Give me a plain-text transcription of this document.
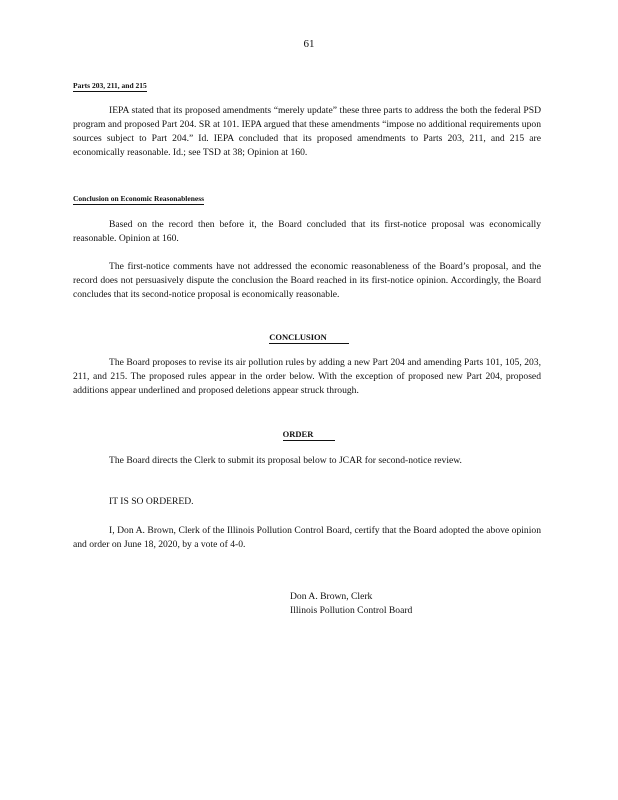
61
Parts 203, 211, and 215

IEPA stated that its proposed amendments “merely update” these three parts to address the both the federal PSD program and proposed Part 204. SR at 101. IEPA argued that these amendments “impose no additional requirements upon sources subject to Part 204.” Id. IEPA concluded that its proposed amendments to Parts 203, 211, and 215 are economically reasonable. Id.; see TSD at 38; Opinion at 160.

Conclusion on Economic Reasonableness

Based on the record then before it, the Board concluded that its first-notice proposal was economically reasonable. Opinion at 160.

The first-notice comments have not addressed the economic reasonableness of the Board’s proposal, and the record does not persuasively dispute the conclusion the Board reached in its first-notice opinion. Accordingly, the Board concludes that its second-notice proposal is economically reasonable.

CONCLUSION

The Board proposes to revise its air pollution rules by adding a new Part 204 and amending Parts 101, 105, 203, 211, and 215. The proposed rules appear in the order below. With the exception of proposed new Part 204, proposed additions appear underlined and proposed deletions appear struck through.

ORDER

The Board directs the Clerk to submit its proposal below to JCAR for second-notice review.

IT IS SO ORDERED.

I, Don A. Brown, Clerk of the Illinois Pollution Control Board, certify that the Board adopted the above opinion and order on June 18, 2020, by a vote of 4-0.

Don A. Brown, Clerk
Illinois Pollution Control Board
